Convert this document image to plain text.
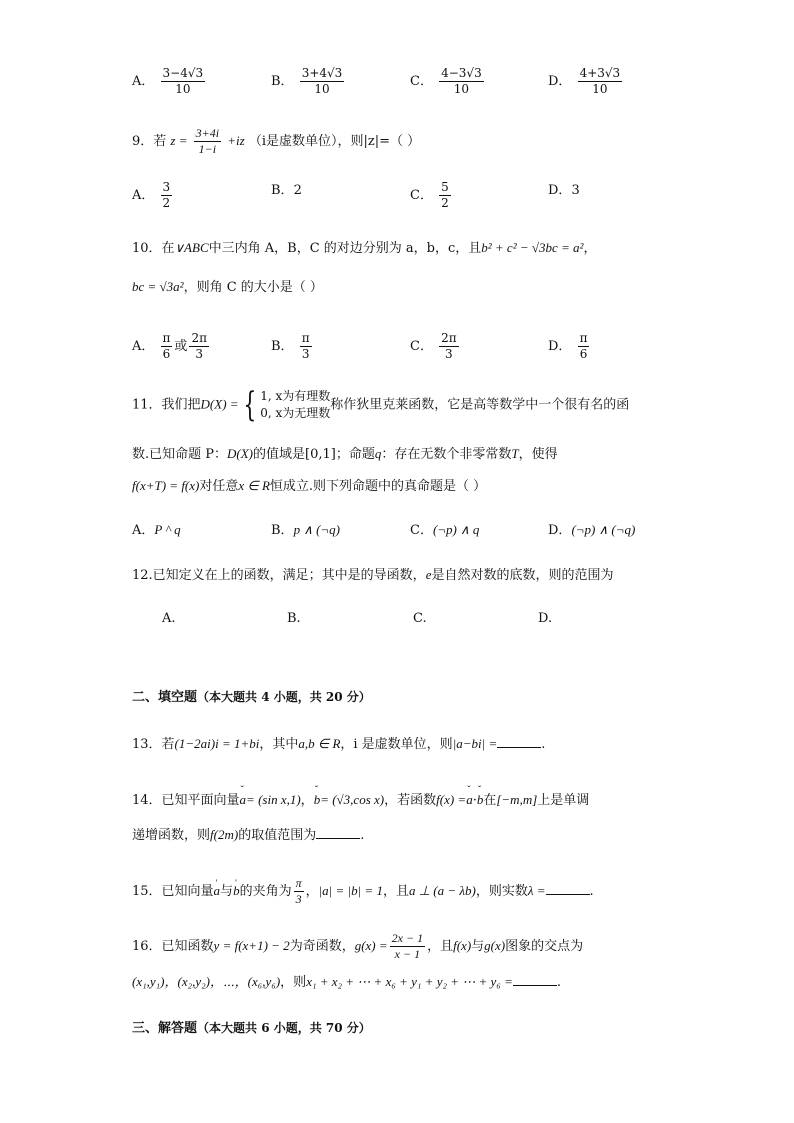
A． $\frac{3-4√3}{10}$	B． $\frac{3+4√3}{10}$	C． $\frac{4-3√3}{10}$	D． $\frac{4+3√3}{10}$
9．若 $z = \frac{3+4i}{1-i} +iz$ （i是虚数单位），则|z|=（ ）
A． $\frac{3}{2}$	B．2	C． $\frac{5}{2}$	D．3
10．在∨ABC中三内角 A，B，C 的对边分别为 a，b，c，且b² + c² − √3bc = a²，
bc = √3a²，则角 C 的大小是（ ）
A． $\frac{\pi}{6}$ 或 $\frac{2\pi}{3}$	B． $\frac{\pi}{3}$	C． $\frac{2\pi}{3}$	D． $\frac{\pi}{6}$
11．我们把D(X) = { 1, x为有理数
0, x为无理数
称作狄里克莱函数，它是高等数学中一个很有名的函
数.已知命题 P：D(X)的值域是[0,1]；命题q：存在无数个非零常数T，使得
f(x+T) = f(x)对任意x ∈ R恒成立.则下列命题中的真命题是（ ）
A．P ^ q	B．p ∧ (¬q)	C．(¬p) ∧ q	D．(¬p) ∧ (¬q)
12.已知定义在上的函数，满足；其中是的导函数，e是自然对数的底数，则的范围为
A.	B.	C.	D.
二、填空题（本大题共 4 小题，共 20 分）
13．若(1−2ai)i = 1+bi，其中a,b ∈ R，i 是虚数单位，则|a−bi| =	.
14．已知平面向量ˇ a= (sin x,1)，ˇ b= (√3,cos x)，若函数f(x) =ˇ a·ˇ b在[−m,m]上是单调
递增函数，则f(2m)的取值范围为	.
15．已知向量' a与' b的夹角为 $\frac{\pi}{3}$ ，|a| = |b| = 1，且a ⊥ (a − λb)，则实数λ =	.
16．已知函数y = f(x+1) − 2为奇函数，$g(x) = \frac{2x - 1}{x - 1}$ ，且f(x)与g(x)图象的交点为
(x₁,y₁)，(x₂,y₂)，⋯，(x₆,y₆)，则x₁ + x₂ + ⋯ + x₆ + y₁ + y₂ + ⋯ + y₆ =	.
三、解答题（本大题共 6 小题，共 70 分）
